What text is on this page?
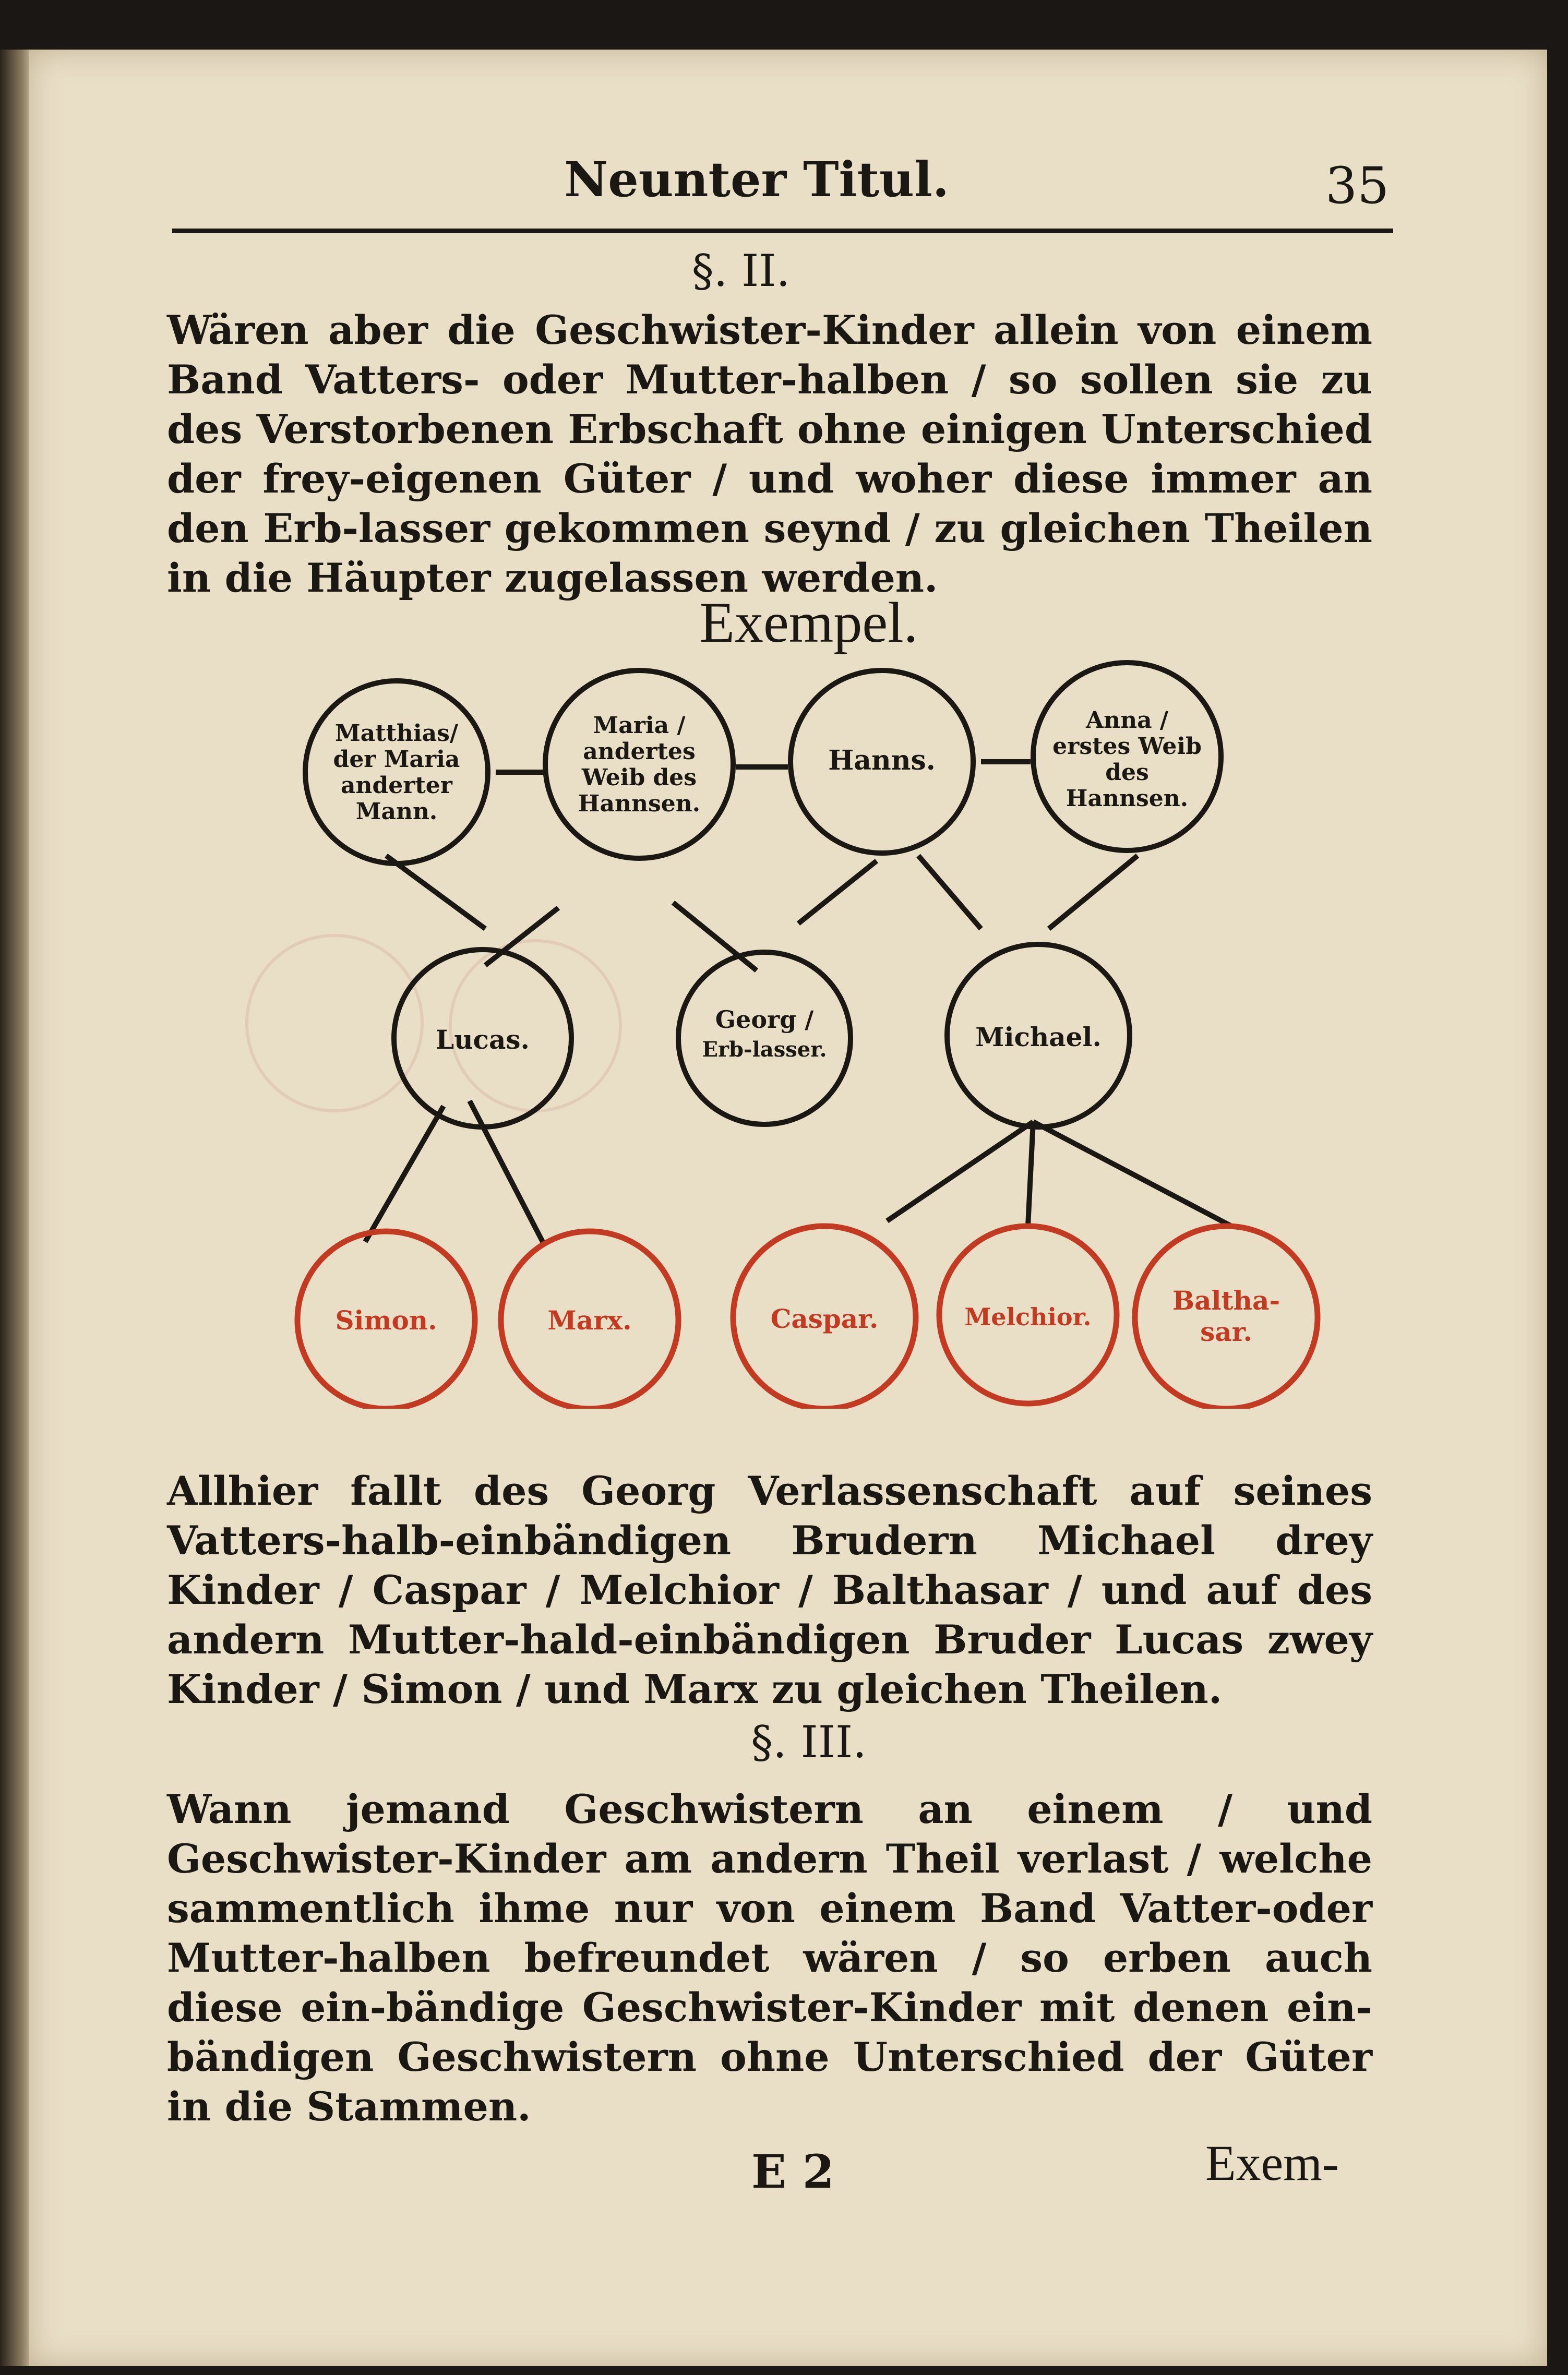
Neunter Titul.	35
§. II.
Wären aber die Geschwister-Kinder allein von einem Band Vatters- oder Mutter-halben / so sollen sie zu des Verstorbenen Erbschaft ohne einigen Unterschied der frey-eigenen Güter / und woher diese immer an den Erb-lasser gekommen seynd / zu gleichen Theilen in die Häupter zugelassen werden.
Exempel.
Matthias/
der Maria
anderter
Mann.
Maria /
andertes
Weib des
Hannsen.
Hanns.
Anna /
erstes Weib
des
Hannsen.
Lucas.
Georg /
Erb-lasser.	Michael.
Simon.	Marx.	Caspar.	Melchior.
Baltha-
sar.
Allhier fallt des Georg Verlassenschaft auf seines Vatters-halb-einbändigen Brudern Michael drey Kinder / Caspar / Melchior / Balthasar / und auf des andern Mutter-hald-einbändigen Bruder Lucas zwey Kinder / Simon / und Marx zu gleichen Theilen.
§. III.
Wann jemand Geschwistern an einem / und Geschwister-Kinder am andern Theil verlast / welche sammentlich ihme nur von einem Band Vatter-oder Mutter-halben befreundet wären / so erben auch diese ein-bändige Geschwister-Kinder mit denen ein-bändigen Geschwistern ohne Unterschied der Güter in die Stammen.
E 2	Exem-
